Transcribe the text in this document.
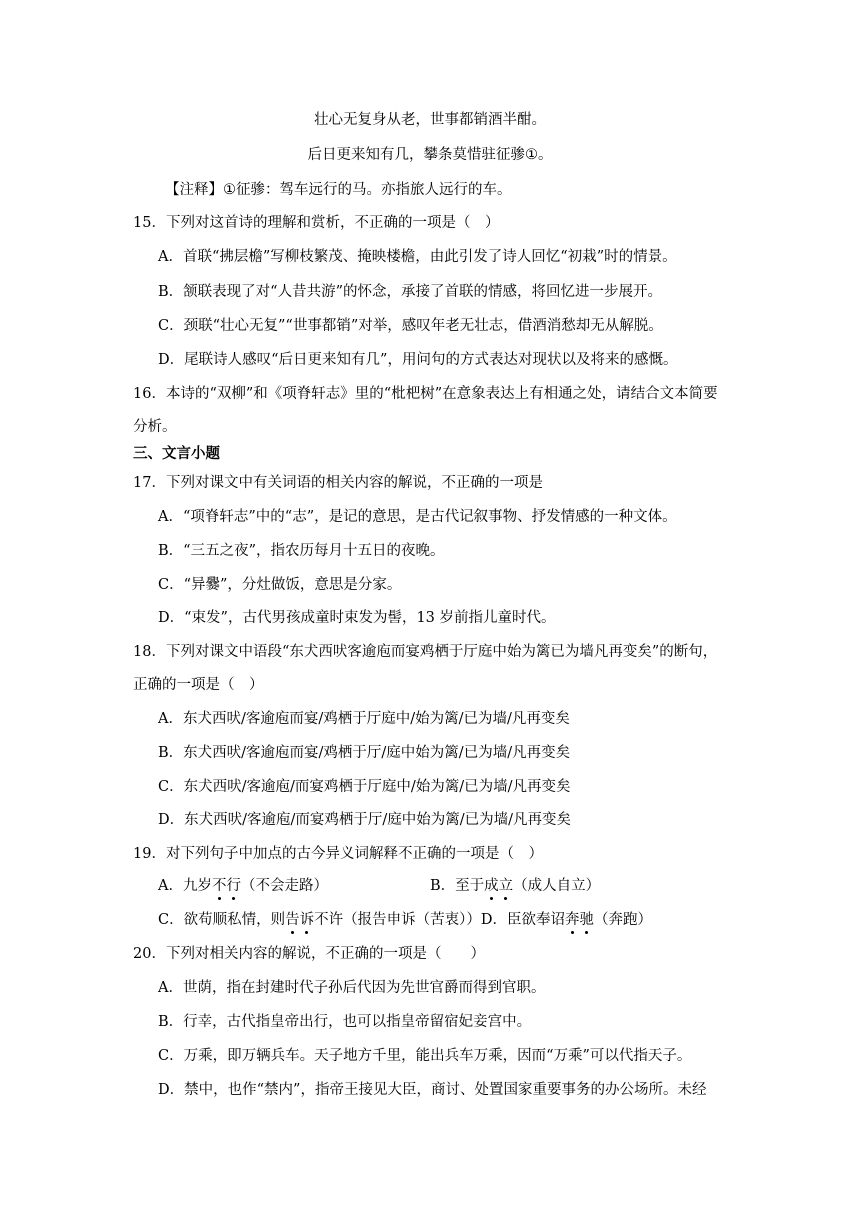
壮心无复身从老，世事都销酒半酣。
后日更来知有几，攀条莫惜驻征骖①。
【注释】①征骖：驾车远行的马。亦指旅人远行的车。
15．下列对这首诗的理解和赏析，不正确的一项是（　）
A．首联“拂层檐”写柳枝繁茂、掩映楼檐，由此引发了诗人回忆“初栽”时的情景。
B．颔联表现了对“人昔共游”的怀念，承接了首联的情感，将回忆进一步展开。
C．颈联“壮心无复”“世事都销”对举，感叹年老无壮志，借酒消愁却无从解脱。
D．尾联诗人感叹“后日更来知有几”，用问句的方式表达对现状以及将来的感慨。
16．本诗的“双柳”和《项脊轩志》里的“枇杷树”在意象表达上有相通之处，请结合文本简要
分析。
三、文言小题
17．下列对课文中有关词语的相关内容的解说，不正确的一项是
A．“项脊轩志”中的“志”，是记的意思，是古代记叙事物、抒发情感的一种文体。
B．“三五之夜”，指农历每月十五日的夜晚。
C．“异爨”，分灶做饭，意思是分家。
D．“束发”，古代男孩成童时束发为髻，13 岁前指儿童时代。
18．下列对课文中语段“东犬西吠客逾庖而宴鸡栖于厅庭中始为篱已为墙凡再变矣”的断句，
正确的一项是（　）
A．东犬西吠/客逾庖而宴/鸡栖于厅庭中/始为篱/已为墙/凡再变矣
B．东犬西吠/客逾庖而宴/鸡栖于厅/庭中始为篱/已为墙/凡再变矣
C．东犬西吠/客逾庖/而宴鸡栖于厅庭中/始为篱/已为墙/凡再变矣
D．东犬西吠/客逾庖/而宴鸡栖于厅/庭中始为篱/已为墙/凡再变矣
19．对下列句子中加点的古今异义词解释不正确的一项是（　）
A．九岁不行（不会走路）	B．至于成立（成人自立）
C．欲苟顺私情，则告诉不许（报告申诉（苦衷））D．臣欲奉诏奔驰（奔跑）
20．下列对相关内容的解说，不正确的一项是（　　）
A．世荫，指在封建时代子孙后代因为先世官爵而得到官职。
B．行幸，古代指皇帝出行，也可以指皇帝留宿妃妾宫中。
C．万乘，即万辆兵车。天子地方千里，能出兵车万乘，因而“万乘”可以代指天子。
D．禁中，也作“禁内”，指帝王接见大臣，商讨、处置国家重要事务的办公场所。未经
